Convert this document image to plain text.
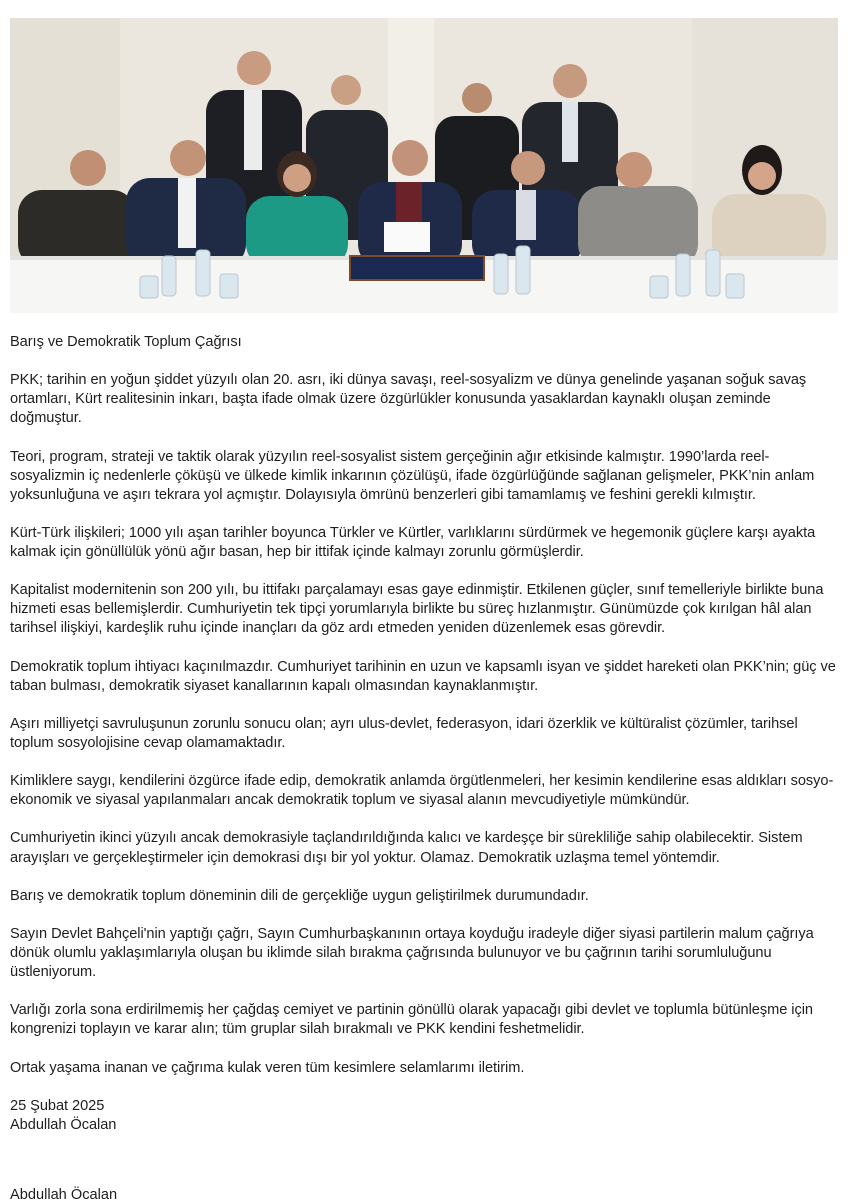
Barış ve Demokratik Toplum Çağrısı

PKK; tarihin en yoğun şiddet yüzyılı olan 20. asrı, iki dünya savaşı, reel-sosyalizm ve dünya genelinde yaşanan soğuk savaş ortamları, Kürt realitesinin inkarı, başta ifade olmak üzere özgürlükler konusunda yasaklardan kaynaklı oluşan zeminde doğmuştur.

Teori, program, strateji ve taktik olarak yüzyılın reel-sosyalist sistem gerçeğinin ağır etkisinde kalmıştır. 1990’larda reel-sosyalizmin iç nedenlerle çöküşü ve ülkede kimlik inkarının çözülüşü, ifade özgürlüğünde sağlanan gelişmeler, PKK’nin anlam yoksunluğuna ve aşırı tekrara yol açmıştır. Dolayısıyla ömrünü benzerleri gibi tamamlamış ve feshini gerekli kılmıştır.

Kürt-Türk ilişkileri; 1000 yılı aşan tarihler boyunca Türkler ve Kürtler, varlıklarını sürdürmek ve hegemonik güçlere karşı ayakta kalmak için gönüllülük yönü ağır basan, hep bir ittifak içinde kalmayı zorunlu görmüşlerdir.

Kapitalist modernitenin son 200 yılı, bu ittifakı parçalamayı esas gaye edinmiştir. Etkilenen güçler, sınıf temelleriyle birlikte buna hizmeti esas bellemişlerdir. Cumhuriyetin tek tipçi yorumlarıyla birlikte bu süreç hızlanmıştır. Günümüzde çok kırılgan hâl alan tarihsel ilişkiyi, kardeşlik ruhu içinde inançları da göz ardı etmeden yeniden düzenlemek esas görevdir.

Demokratik toplum ihtiyacı kaçınılmazdır. Cumhuriyet tarihinin en uzun ve kapsamlı isyan ve şiddet hareketi olan PKK’nin; güç ve taban bulması, demokratik siyaset kanallarının kapalı olmasından kaynaklanmıştır.

Aşırı milliyetçi savruluşunun zorunlu sonucu olan; ayrı ulus-devlet, federasyon, idari özerklik ve kültüralist çözümler, tarihsel toplum sosyolojisine cevap olamamaktadır.

Kimliklere saygı, kendilerini özgürce ifade edip, demokratik anlamda örgütlenmeleri, her kesimin kendilerine esas aldıkları sosyo-ekonomik ve siyasal yapılanmaları ancak demokratik toplum ve siyasal alanın mevcudiyetiyle mümkündür.

Cumhuriyetin ikinci yüzyılı ancak demokrasiyle taçlandırıldığında kalıcı ve kardeşçe bir sürekliliğe sahip olabilecektir. Sistem arayışları ve gerçekleştirmeler için demokrasi dışı bir yol yoktur. Olamaz. Demokratik uzlaşma temel yöntemdir.

Barış ve demokratik toplum döneminin dili de gerçekliğe uygun geliştirilmek durumundadır.

Sayın Devlet Bahçeli'nin yaptığı çağrı, Sayın Cumhurbaşkanının ortaya koyduğu iradeyle diğer siyasi partilerin malum çağrıya dönük olumlu yaklaşımlarıyla oluşan bu iklimde silah bırakma çağrısında bulunuyor ve bu çağrının tarihi sorumluluğunu üstleniyorum.

Varlığı zorla sona erdirilmemiş her çağdaş cemiyet ve partinin gönüllü olarak yapacağı gibi devlet ve toplumla bütünleşme için kongrenizi toplayın ve karar alın; tüm gruplar silah bırakmalı ve PKK kendini feshetmelidir.

Ortak yaşama inanan ve çağrıma kulak veren tüm kesimlere selamlarımı iletirim.

25 Şubat 2025

Abdullah Öcalan

Abdullah Öcalan
